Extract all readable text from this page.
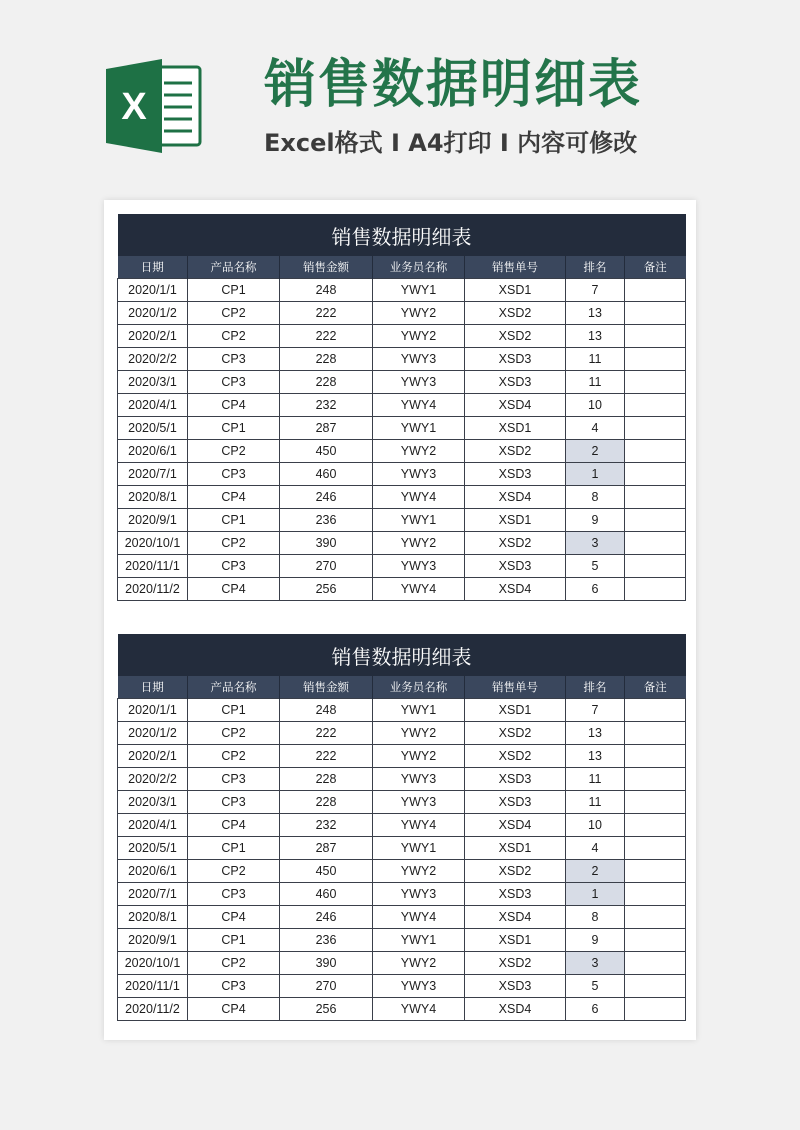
X 销售数据明细表
Excel格式 I A4打印 I 内容可修改
销售数据明细表						
日期	产品名称	销售金额	业务员名称	销售单号	排名	备注
2020/1/1	CP1	248	YWY1	XSD1	7	
2020/1/2	CP2	222	YWY2	XSD2	13	
2020/2/1	CP2	222	YWY2	XSD2	13	
2020/2/2	CP3	228	YWY3	XSD3	11	
2020/3/1	CP3	228	YWY3	XSD3	11	
2020/4/1	CP4	232	YWY4	XSD4	10	
2020/5/1	CP1	287	YWY1	XSD1	4	
2020/6/1	CP2	450	YWY2	XSD2	2	
2020/7/1	CP3	460	YWY3	XSD3	1	
2020/8/1	CP4	246	YWY4	XSD4	8	
2020/9/1	CP1	236	YWY1	XSD1	9	
2020/10/1	CP2	390	YWY2	XSD2	3	
2020/11/1	CP3	270	YWY3	XSD3	5	
2020/11/2	CP4	256	YWY4	XSD4	6	
销售数据明细表						
日期	产品名称	销售金额	业务员名称	销售单号	排名	备注
2020/1/1	CP1	248	YWY1	XSD1	7	
2020/1/2	CP2	222	YWY2	XSD2	13	
2020/2/1	CP2	222	YWY2	XSD2	13	
2020/2/2	CP3	228	YWY3	XSD3	11	
2020/3/1	CP3	228	YWY3	XSD3	11	
2020/4/1	CP4	232	YWY4	XSD4	10	
2020/5/1	CP1	287	YWY1	XSD1	4	
2020/6/1	CP2	450	YWY2	XSD2	2	
2020/7/1	CP3	460	YWY3	XSD3	1	
2020/8/1	CP4	246	YWY4	XSD4	8	
2020/9/1	CP1	236	YWY1	XSD1	9	
2020/10/1	CP2	390	YWY2	XSD2	3	
2020/11/1	CP3	270	YWY3	XSD3	5	
2020/11/2	CP4	256	YWY4	XSD4	6	
